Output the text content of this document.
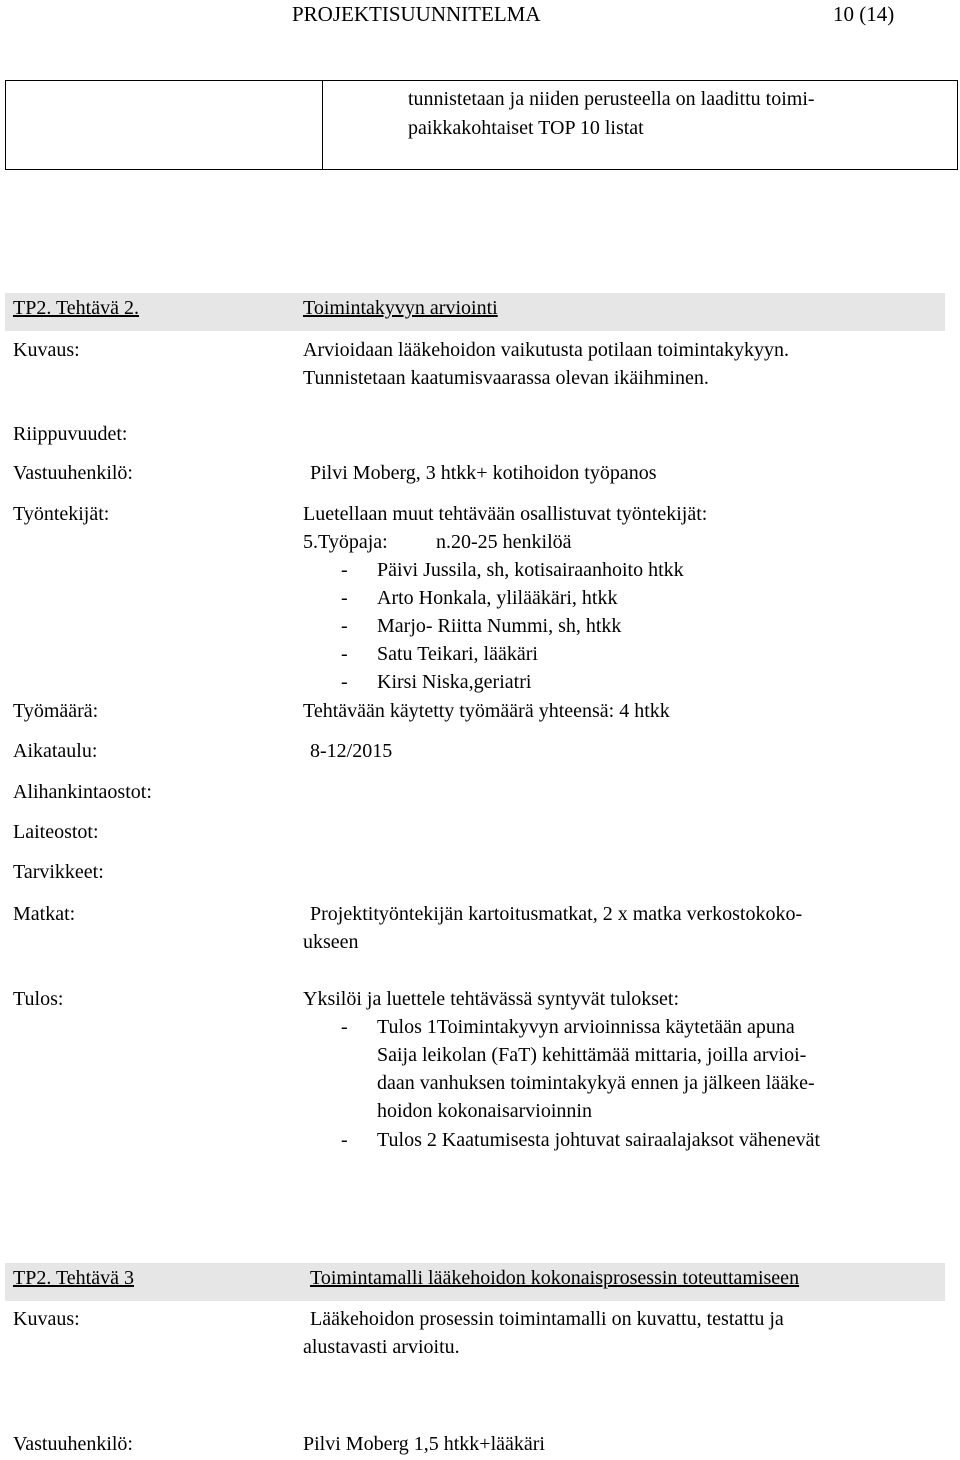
PROJEKTISUUNNITELMA	10 (14)
tunnistetaan ja niiden perusteella on laadittu toimi-
paikkakohtaiset TOP 10 listat
TP2. Tehtävä 2.	Toimintakyvyn arviointi
Kuvaus:	Arvioidaan lääkehoidon vaikutusta potilaan toimintakykyyn.
Tunnistetaan kaatumisvaarassa olevan ikäihminen.
Riippuvuudet:
Vastuuhenkilö:	Pilvi Moberg, 3 htkk+ kotihoidon työpanos
Työntekijät:	Luetellaan muut tehtävään osallistuvat työntekijät:
5.Työpaja: n.20-25 henkilöä
- Päivi Jussila, sh, kotisairaanhoito htkk
- Arto Honkala, ylilääkäri, htkk
- Marjo- Riitta Nummi, sh, htkk
- Satu Teikari, lääkäri
- Kirsi Niska,geriatri
Työmäärä:	Tehtävään käytetty työmäärä yhteensä: 4 htkk
Aikataulu:	8-12/2015
Alihankintaostot:
Laiteostot:
Tarvikkeet:
Matkat:	Projektityöntekijän kartoitusmatkat, 2 x matka verkostokoko-
ukseen
Tulos:	Yksilöi ja luettele tehtävässä syntyvät tulokset:
- Tulos 1Toimintakyvyn arvioinnissa käytetään apuna
Saija leikolan (FaT) kehittämää mittaria, joilla arvioi-
daan vanhuksen toimintakykyä ennen ja jälkeen lääke-
hoidon kokonaisarvioinnin
- Tulos 2 Kaatumisesta johtuvat sairaalajaksot vähenevät
TP2. Tehtävä 3	Toimintamalli lääkehoidon kokonaisprosessin toteuttamiseen
Kuvaus:	Lääkehoidon prosessin toimintamalli on kuvattu, testattu ja
alustavasti arvioitu.
Vastuuhenkilö:	Pilvi Moberg 1,5 htkk+lääkäri
